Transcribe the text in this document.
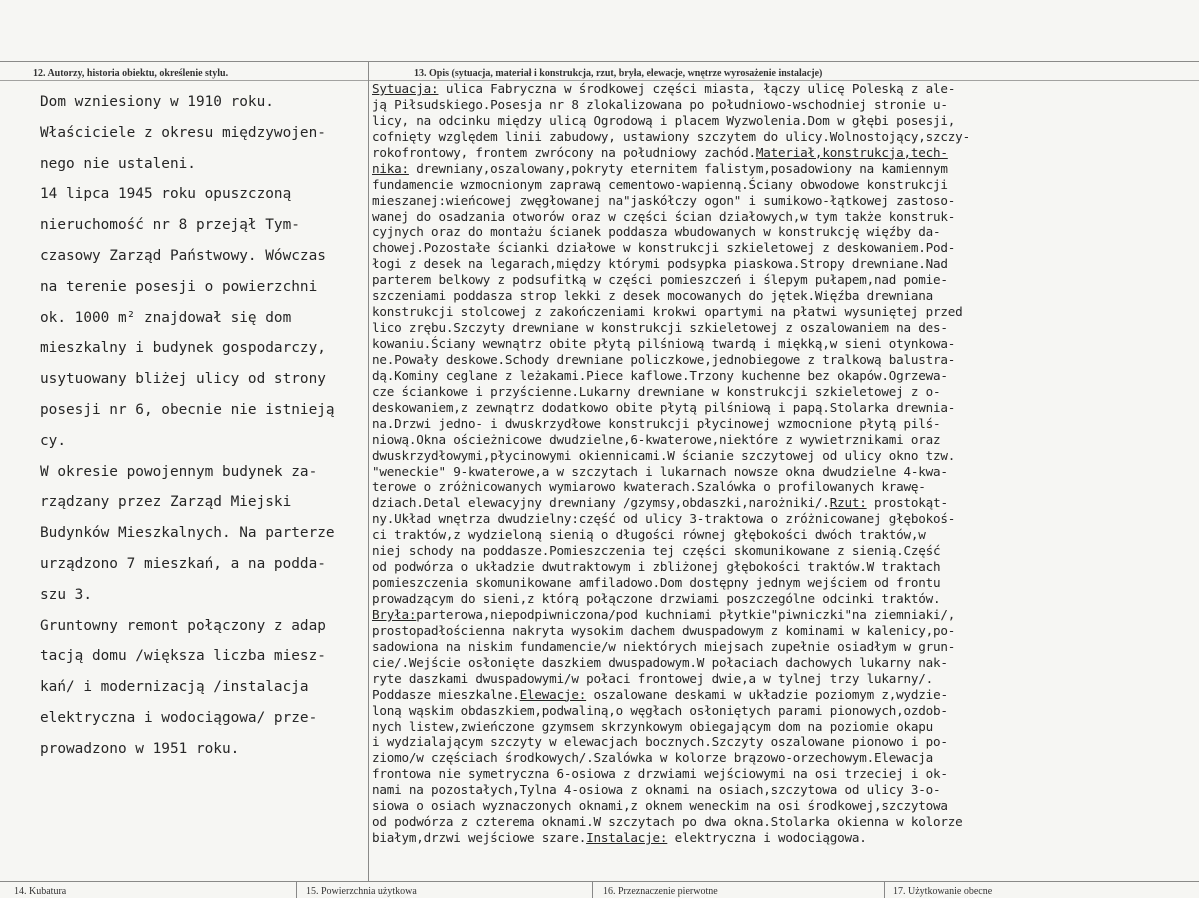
12. Autorzy, historia obiektu, określenie stylu.	13. Opis (sytuacja, materiał i konstrukcja, rzut, bryła, elewacje, wnętrze wyrosażenie instalacje)
Dom wzniesiony w 1910 roku.
Właściciele z okresu międzywojen-
nego nie ustaleni.
14 lipca 1945 roku opuszczoną
nieruchomość nr 8 przejął Tym-
czasowy Zarząd Państwowy. Wówczas
na terenie posesji o powierzchni
ok. 1000 m² znajdował się dom
mieszkalny i budynek gospodarczy,
usytuowany bliżej ulicy od strony
posesji nr 6, obecnie nie istnieją
cy.
W okresie powojennym budynek za-
rządzany przez Zarząd Miejski
Budynków Mieszkalnych. Na parterze
urządzono 7 mieszkań, a na podda-
szu 3.
Gruntowny remont połączony z adap
tacją domu /większa liczba miesz-
kań/ i modernizacją /instalacja
elektryczna i wodociągowa/ prze-
prowadzono w 1951 roku.
Sytuacja: ulica Fabryczna w środkowej części miasta, łączy ulicę Poleską z ale-
ją Piłsudskiego.Posesja nr 8 zlokalizowana po południowo-wschodniej stronie u-
licy, na odcinku między ulicą Ogrodową i placem Wyzwolenia.Dom w głębi posesji,
cofnięty względem linii zabudowy, ustawiony szczytem do ulicy.Wolnostojący,szczy-
rokofrontowy, frontem zwrócony na południowy zachód.Materiał,konstrukcja,tech-
nika: drewniany,oszalowany,pokryty eternitem falistym,posadowiony na kamiennym
fundamencie wzmocnionym zaprawą cementowo-wapienną.Ściany obwodowe konstrukcji
mieszanej:wieńcowej zwęgłowanej na"jaskółczy ogon" i sumikowo-łątkowej zastoso-
wanej do osadzania otworów oraz w części ścian działowych,w tym także konstruk-
cyjnych oraz do montażu ścianek poddasza wbudowanych w konstrukcję więźby da-
chowej.Pozostałe ścianki działowe w konstrukcji szkieletowej z deskowaniem.Pod-
łogi z desek na legarach,między którymi podsypka piaskowa.Stropy drewniane.Nad
parterem belkowy z podsufitką w części pomieszczeń i ślepym pułapem,nad pomie-
szczeniami poddasza strop lekki z desek mocowanych do jętek.Więźba drewniana
konstrukcji stolcowej z zakończeniami krokwi opartymi na płatwi wysuniętej przed
lico zrębu.Szczyty drewniane w konstrukcji szkieletowej z oszalowaniem na des-
kowaniu.Ściany wewnątrz obite płytą pilśniową twardą i miękką,w sieni otynkowa-
ne.Powały deskowe.Schody drewniane policzkowe,jednobiegowe z tralkową balustra-
dą.Kominy ceglane z leżakami.Piece kaflowe.Trzony kuchenne bez okapów.Ogrzewa-
cze ściankowe i przyścienne.Lukarny drewniane w konstrukcji szkieletowej z o-
deskowaniem,z zewnątrz dodatkowo obite płytą pilśniową i papą.Stolarka drewnia-
na.Drzwi jedno- i dwuskrzydłowe konstrukcji płycinowej wzmocnione płytą pilś-
niową.Okna ościeżnicowe dwudzielne,6-kwaterowe,niektóre z wywietrznikami oraz
dwuskrzydłowymi,płycinowymi okiennicami.W ścianie szczytowej od ulicy okno tzw.
"weneckie" 9-kwaterowe,a w szczytach i lukarnach nowsze okna dwudzielne 4-kwa-
terowe o zróżnicowanych wymiarowo kwaterach.Szalówka o profilowanych krawę-
dziach.Detal elewacyjny drewniany /gzymsy,obdaszki,narożniki/.Rzut: prostokąt-
ny.Układ wnętrza dwudzielny:część od ulicy 3-traktowa o zróżnicowanej głębokoś-
ci traktów,z wydzieloną sienią o długości równej głębokości dwóch traktów,w
niej schody na poddasze.Pomieszczenia tej części skomunikowane z sienią.Część
od podwórza o układzie dwutraktowym i zbliżonej głębokości traktów.W traktach
pomieszczenia skomunikowane amfiladowo.Dom dostępny jednym wejściem od frontu
prowadzącym do sieni,z którą połączone drzwiami poszczególne odcinki traktów.
Bryła:parterowa,niepodpiwniczona/pod kuchniami płytkie"piwniczki"na ziemniaki/,
prostopadłościenna nakryta wysokim dachem dwuspadowym z kominami w kalenicy,po-
sadowiona na niskim fundamencie/w niektórych miejsach zupełnie osiadłym w grun-
cie/.Wejście osłonięte daszkiem dwuspadowym.W połaciach dachowych lukarny nak-
ryte daszkami dwuspadowymi/w połaci frontowej dwie,a w tylnej trzy lukarny/.
Poddasze mieszkalne.Elewacje: oszalowane deskami w układzie poziomym z,wydzie-
loną wąskim obdaszkiem,podwaliną,o węgłach osłoniętych parami pionowych,ozdob-
nych listew,zwieńczone gzymsem skrzynkowym obiegającym dom na poziomie okapu
i wydzialającym szczyty w elewacjach bocznych.Szczyty oszalowane pionowo i po-
ziomo/w częściach środkowych/.Szalówka w kolorze brązowo-orzechowym.Elewacja
frontowa nie symetryczna 6-osiowa z drzwiami wejściowymi na osi trzeciej i ok-
nami na pozostałych,Tylna 4-osiowa z oknami na osiach,szczytowa od ulicy 3-o-
siowa o osiach wyznaczonych oknami,z oknem weneckim na osi środkowej,szczytowa
od podwórza z czterema oknami.W szczytach po dwa okna.Stolarka okienna w kolorze
białym,drzwi wejściowe szare.Instalacje: elektryczna i wodociągowa.
14. Kubatura	15. Powierzchnia użytkowa	16. Przeznaczenie pierwotne	17. Użytkowanie obecne
